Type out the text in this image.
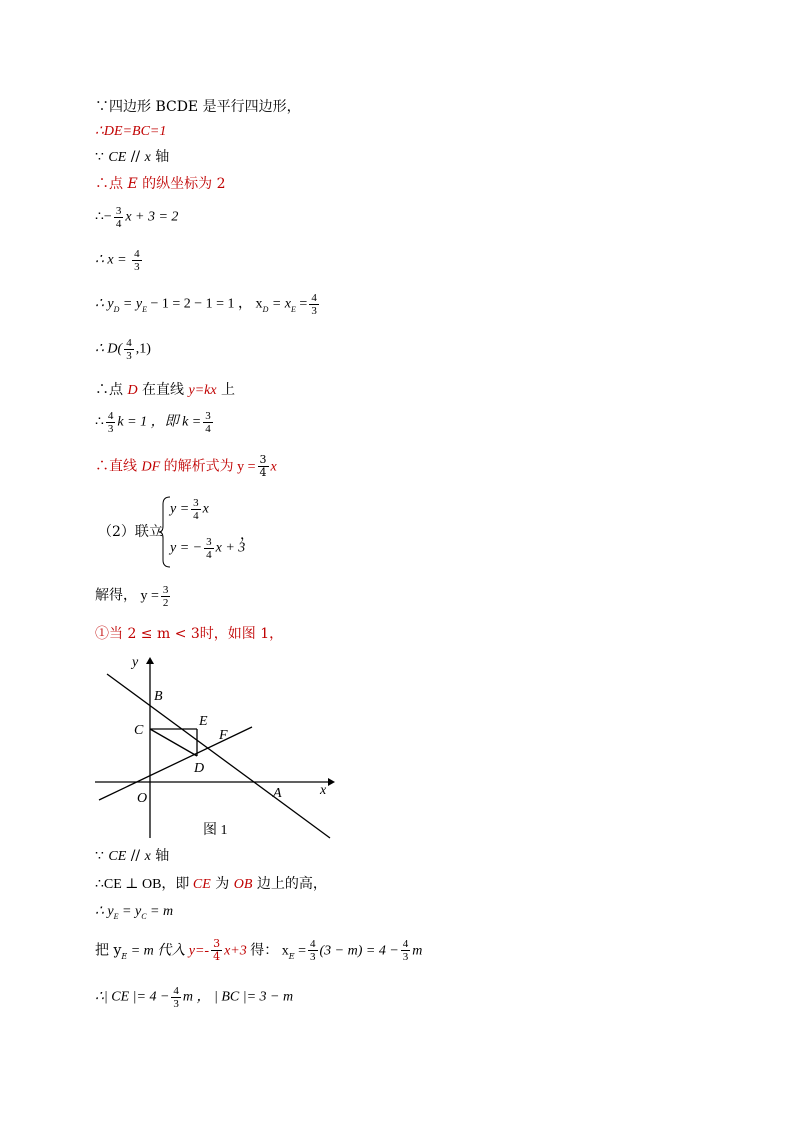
∵四边形 BCDE 是平行四边形，
∴DE=BC=1
∵ CE // x 轴
∴点 E 的纵坐标为 2
∴− $\frac{3}{4}$ x + 3 = 2
∴ $x = \frac{4}{3}$
∴ $y_D = y_E - 1 = 2 - 1 = 1$ ， $x_D = x_E = \frac{4}{3}$
∴ $D( \frac{4}{3} ,1)$
∴点 D 在直线 y=kx 上
∴ $\frac{4}{3}$ k = 1 ，即 $k = \frac{3}{4}$
∴直线 DF 的解析式为 $y = \frac{3}{4}$ x
（2）联立
$y = \frac{3}{4}$ x
y = − $\frac{3}{4}$ x + 3
，
解得， $y = \frac{3}{2}$
①当 2 ≤ m < 3时，如图 1，
y
x
O	A
B
C
D
E
F
图 1
∵ CE // x 轴
∴CE ⊥ OB，即 CE 为 OB 边上的高，
∴ $y_E = y_C = m$
把 $y_E = m$ 代入 $y=- \frac{3}{4} x+3$ 得： $x_E = \frac{4}{3} (3 - m) = 4 - \frac{4}{3}$ m
∴| CE |= $4 - \frac{4}{3}$ m ， | BC |= 3 − m
